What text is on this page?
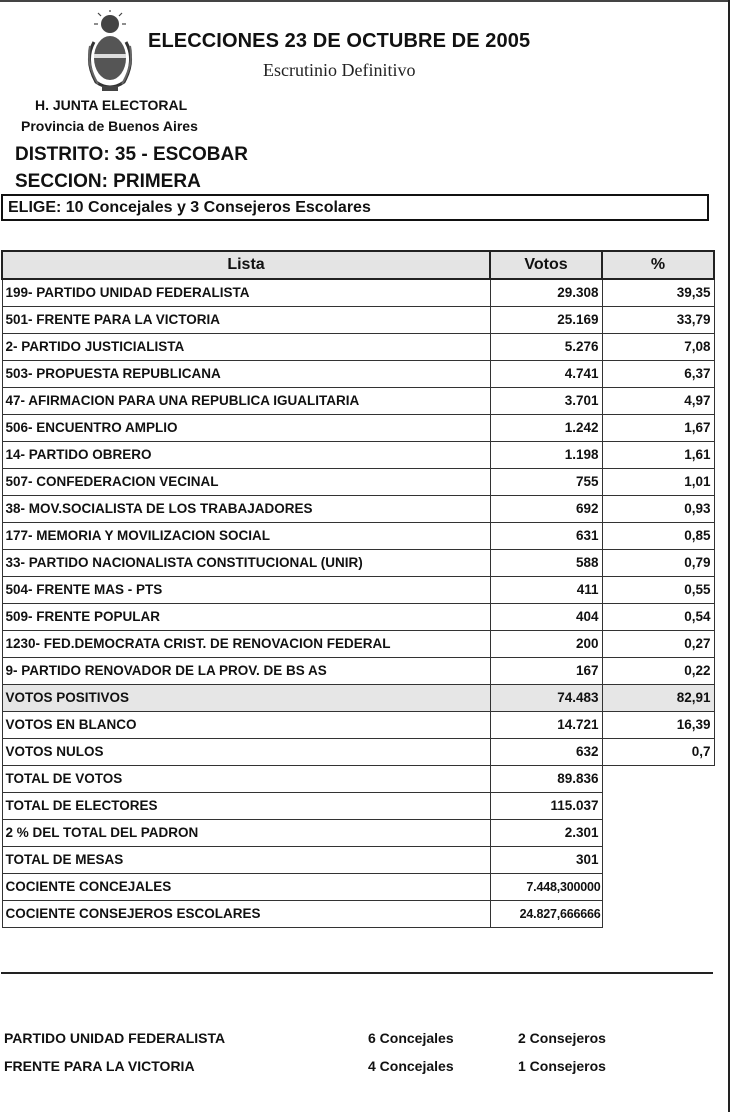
ELECCIONES 23 DE OCTUBRE DE 2005
Escrutinio Definitivo
H. JUNTA ELECTORAL
Provincia de Buenos Aires
DISTRITO: 35 - ESCOBAR
SECCION: PRIMERA
ELIGE: 10 Concejales y 3 Consejeros Escolares
Lista	Votos	%
199- PARTIDO UNIDAD FEDERALISTA	29.308	39,35
501- FRENTE PARA LA VICTORIA	25.169	33,79
2- PARTIDO JUSTICIALISTA	5.276	7,08
503- PROPUESTA REPUBLICANA	4.741	6,37
47- AFIRMACION PARA UNA REPUBLICA IGUALITARIA	3.701	4,97
506- ENCUENTRO AMPLIO	1.242	1,67
14- PARTIDO OBRERO	1.198	1,61
507- CONFEDERACION VECINAL	755	1,01
38- MOV.SOCIALISTA DE LOS TRABAJADORES	692	0,93
177- MEMORIA Y MOVILIZACION SOCIAL	631	0,85
33- PARTIDO NACIONALISTA CONSTITUCIONAL (UNIR)	588	0,79
504- FRENTE MAS - PTS	411	0,55
509- FRENTE POPULAR	404	0,54
1230- FED.DEMOCRATA CRIST. DE RENOVACION FEDERAL	200	0,27
9- PARTIDO RENOVADOR DE LA PROV. DE BS AS	167	0,22
VOTOS POSITIVOS	74.483	82,91
VOTOS EN BLANCO	14.721	16,39
VOTOS NULOS	632	0,7
TOTAL DE VOTOS	89.836	
TOTAL DE ELECTORES	115.037	
2 % DEL TOTAL DEL PADRON	2.301	
TOTAL DE MESAS	301	
COCIENTE CONCEJALES	7.448,300000	
COCIENTE CONSEJEROS ESCOLARES	24.827,666666	
PARTIDO UNIDAD FEDERALISTA	6 Concejales	2 Consejeros
FRENTE PARA LA VICTORIA	4 Concejales	1 Consejeros
